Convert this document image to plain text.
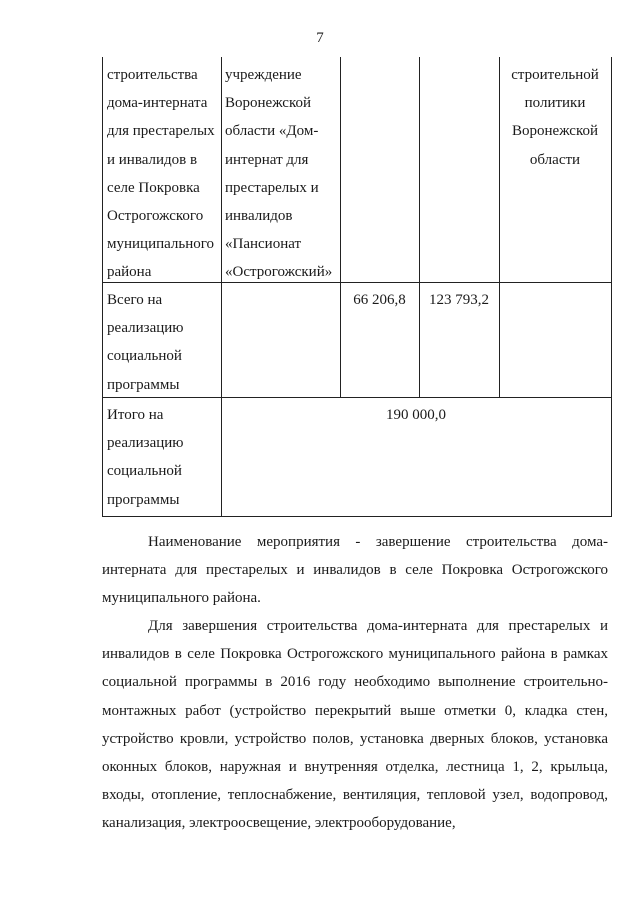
7
строительства
дома-интерната
для престарелых
и инвалидов в
селе Покровка
Острогожского
муниципального
района
учреждение
Воронежской
области «Дом-
интернат для
престарелых и
инвалидов
«Пансионат
«Острогожский»
строительной
политики
Воронежской
области
Всего на
реализацию
социальной
программы
66 206,8	123 793,2
Итого на
реализацию
социальной
программы
190 000,0
Наименование мероприятия - завершение строительства дома-интерната для престарелых и инвалидов в селе Покровка Острогожского муниципального района.
Для завершения строительства дома-интерната для престарелых и инвалидов в селе Покровка Острогожского муниципального района в рамках социальной программы в 2016 году необходимо выполнение строительно-монтажных работ (устройство перекрытий выше отметки 0, кладка стен, устройство кровли, устройство полов, установка дверных блоков, установка оконных блоков, наружная и внутренняя отделка, лестница 1, 2, крыльца, входы, отопление, теплоснабжение, вентиляция, тепловой узел, водопровод, канализация, электроосвещение, электрооборудование,
